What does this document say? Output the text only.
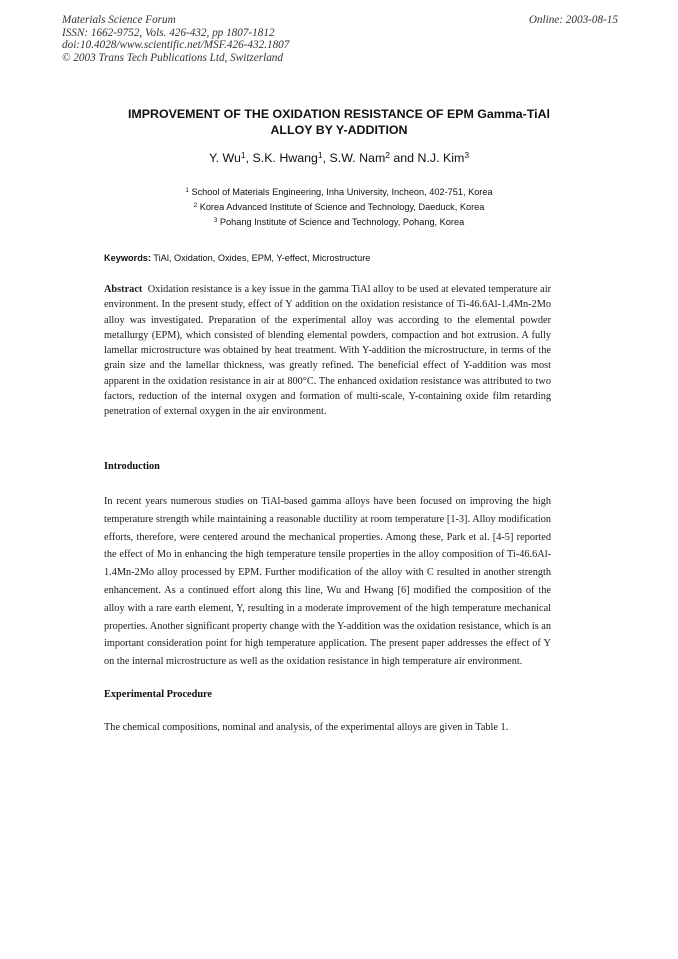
Materials Science Forum
ISSN: 1662-9752, Vols. 426-432, pp 1807-1812
doi:10.4028/www.scientific.net/MSF.426-432.1807
© 2003 Trans Tech Publications Ltd, Switzerland
Online: 2003-08-15
IMPROVEMENT OF THE OXIDATION RESISTANCE OF EPM Gamma-TiAl
ALLOY BY Y-ADDITION
Y. Wu$^1$, S.K. Hwang$^1$, S.W. Nam$^2$ and N.J. Kim$^3$
$^1$ School of Materials Engineering, Inha University, Incheon, 402-751, Korea
$^2$ Korea Advanced Institute of Science and Technology, Daeduck, Korea
$^3$ Pohang Institute of Science and Technology, Pohang, Korea
Keywords: TiAl, Oxidation, Oxides, EPM, Y-effect, Microstructure
Abstract Oxidation resistance is a key issue in the gamma TiAl alloy to be used at elevated temperature air environment. In the present study, effect of Y addition on the oxidation resistance of Ti-46.6Al-1.4Mn-2Mo alloy was investigated. Preparation of the experimental alloy was according to the elemental powder metallurgy (EPM), which consisted of blending elemental powders, compaction and hot extrusion. A fully lamellar microstructure was obtained by heat treatment. With Y-addition the microstructure, in terms of the grain size and the lamellar thickness, was greatly refined. The beneficial effect of Y-addition was most apparent in the oxidation resistance in air at 800°C. The enhanced oxidation resistance was attributed to two factors, reduction of the internal oxygen and formation of multi-scale, Y-containing oxide film retarding penetration of external oxygen in the air environment.
Introduction
In recent years numerous studies on TiAl-based gamma alloys have been focused on improving the high temperature strength while maintaining a reasonable ductility at room temperature [1-3]. Alloy modification efforts, therefore, were centered around the mechanical properties. Among these, Park et al. [4-5] reported the effect of Mo in enhancing the high temperature tensile properties in the alloy composition of Ti-46.6Al-1.4Mn-2Mo alloy processed by EPM. Further modification of the alloy with C resulted in another strength enhancement. As a continued effort along this line, Wu and Hwang [6] modified the composition of the alloy with a rare earth element, Y, resulting in a moderate improvement of the high temperature mechanical properties. Another significant property change with the Y-addition was the oxidation resistance, which is an important consideration point for high temperature application. The present paper addresses the effect of Y on the internal microstructure as well as the oxidation resistance in high temperature air environment.
Experimental Procedure
The chemical compositions, nominal and analysis, of the experimental alloys are given in Table 1.
